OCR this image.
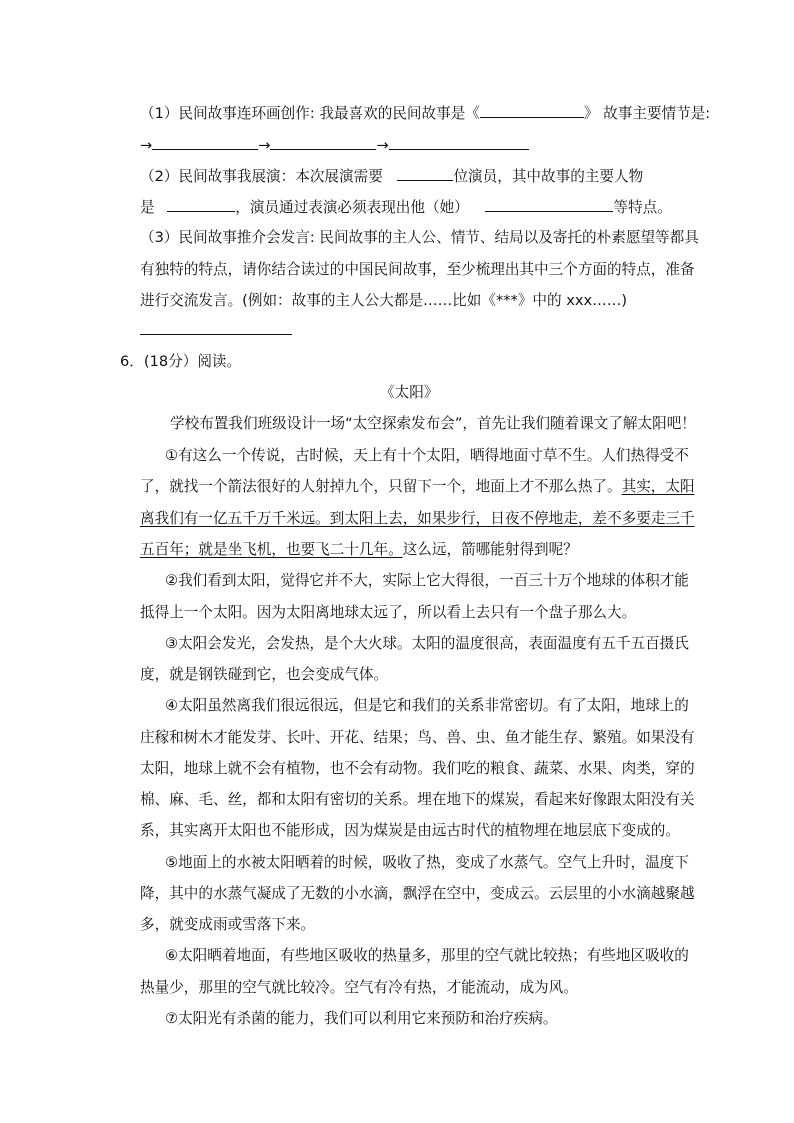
（1）民间故事连环画创作: 我最喜欢的民间故事是《	》 故事主要情节是:
→	→	→
（2）民间故事我展演：本次展演需要	位演员，其中故事的主要人物
是	，演员通过表演必须表现出他（她）	等特点。
（3）民间故事推介会发言: 民间故事的主人公、情节、结局以及寄托的朴素愿望等都具
有独特的特点，请你结合读过的中国民间故事，至少梳理出其中三个方面的特点，准备
进行交流发言。(例如：故事的主人公大都是……比如《***》中的 xxx……)
6．(18分）阅读。
《太阳》
学校布置我们班级设计一场“太空探索发布会”，首先让我们随着课文了解太阳吧！
①有这么一个传说，古时候，天上有十个太阳，晒得地面寸草不生。人们热得受不
了，就找一个箭法很好的人射掉九个，只留下一个，地面上才不那么热了。其实，太阳
离我们有一亿五千万千米远。到太阳上去，如果步行，日夜不停地走，差不多要走三千
五百年；就是坐飞机，也要飞二十几年。这么远，箭哪能射得到呢？
②我们看到太阳，觉得它并不大，实际上它大得很，一百三十万个地球的体积才能
抵得上一个太阳。因为太阳离地球太远了，所以看上去只有一个盘子那么大。
③太阳会发光，会发热，是个大火球。太阳的温度很高，表面温度有五千五百摄氏
度，就是钢铁碰到它，也会变成气体。
④太阳虽然离我们很远很远，但是它和我们的关系非常密切。有了太阳，地球上的
庄稼和树木才能发芽、长叶、开花、结果；鸟、兽、虫、鱼才能生存、繁殖。如果没有
太阳，地球上就不会有植物，也不会有动物。我们吃的粮食、蔬菜、水果、肉类，穿的
棉、麻、毛、丝，都和太阳有密切的关系。埋在地下的煤炭，看起来好像跟太阳没有关
系，其实离开太阳也不能形成，因为煤炭是由远古时代的植物埋在地层底下变成的。
⑤地面上的水被太阳晒着的时候，吸收了热，变成了水蒸气。空气上升时，温度下
降，其中的水蒸气凝成了无数的小水滴，飘浮在空中，变成云。云层里的小水滴越聚越
多，就变成雨或雪落下来。
⑥太阳晒着地面，有些地区吸收的热量多，那里的空气就比较热；有些地区吸收的
热量少，那里的空气就比较冷。空气有冷有热，才能流动，成为风。
⑦太阳光有杀菌的能力，我们可以利用它来预防和治疗疾病。
